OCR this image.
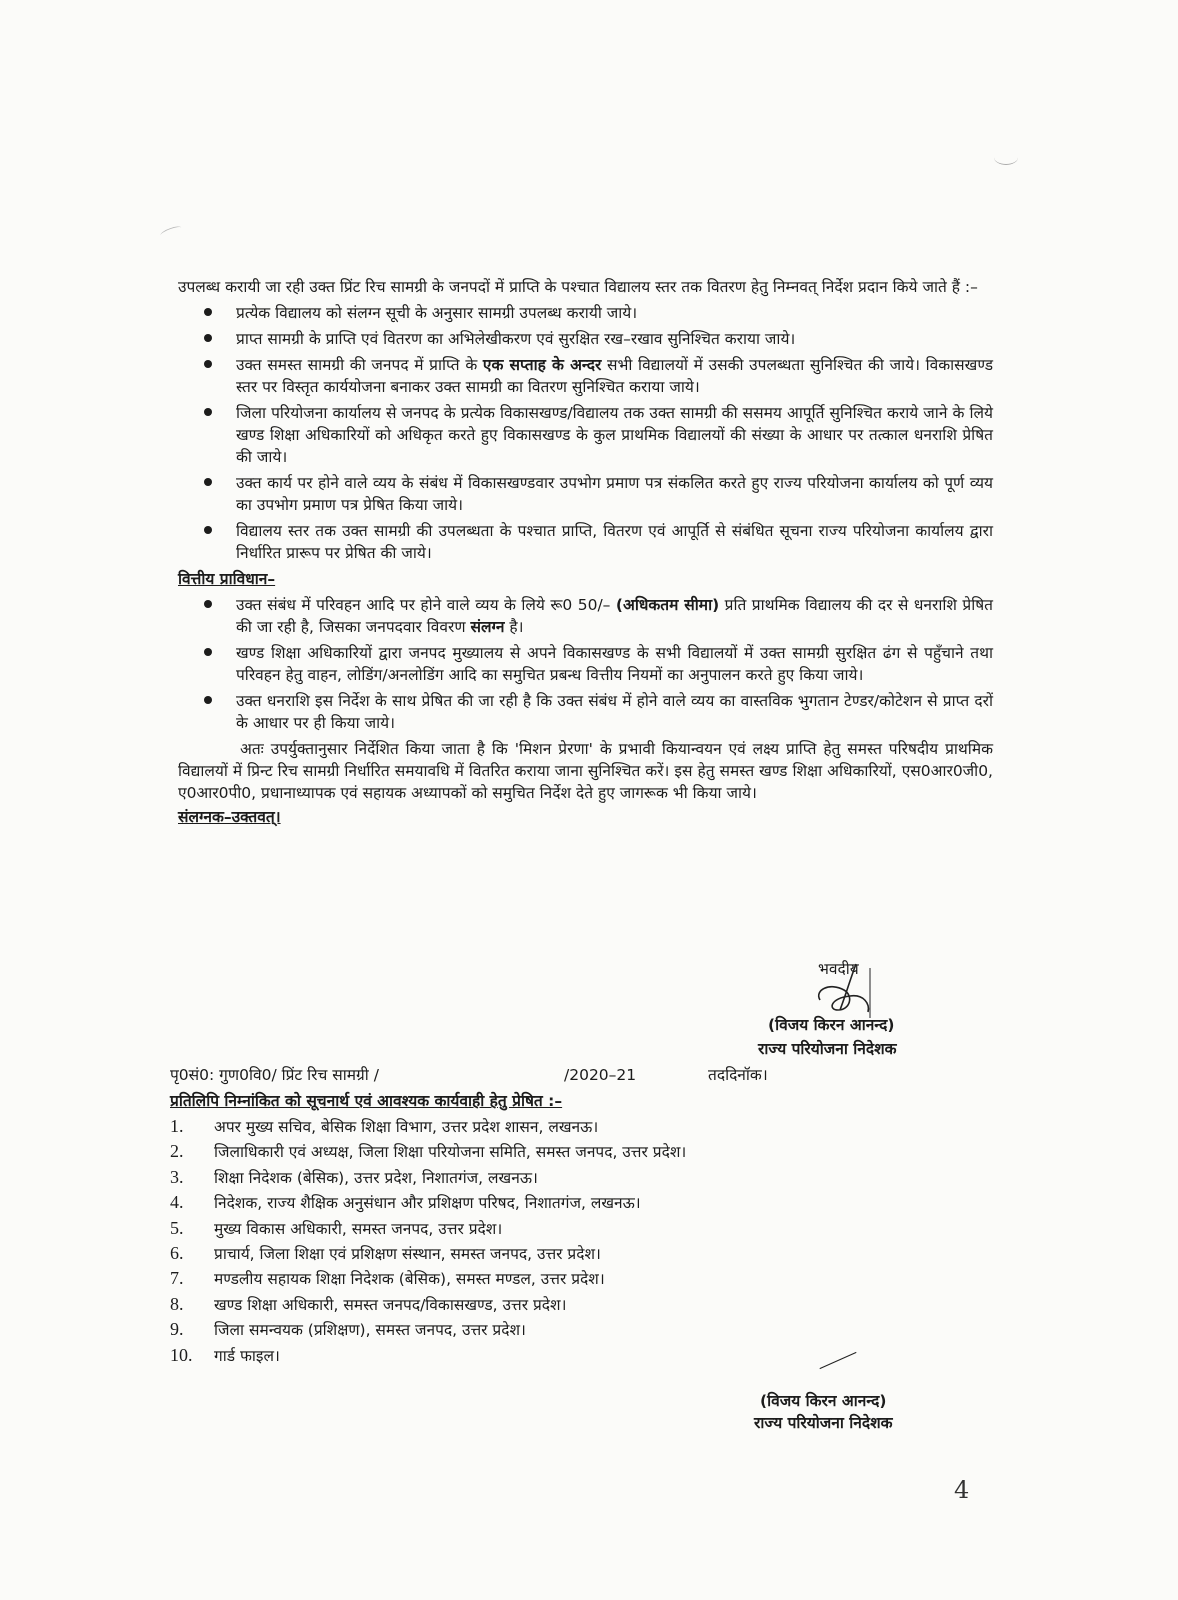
उपलब्ध करायी जा रही उक्त प्रिंट रिच सामग्री के जनपदों में प्राप्ति के पश्चात विद्यालय स्तर तक वितरण हेतु निम्नवत् निर्देश प्रदान किये जाते हैं :–

प्रत्येक विद्यालय को संलग्न सूची के अनुसार सामग्री उपलब्ध करायी जाये।
प्राप्त सामग्री के प्राप्ति एवं वितरण का अभिलेखीकरण एवं सुरक्षित रख–रखाव सुनिश्चित कराया जाये।
उक्त समस्त सामग्री की जनपद में प्राप्ति के एक सप्ताह के अन्दर सभी विद्यालयों में उसकी उपलब्धता सुनिश्चित की जाये। विकासखण्ड स्तर पर विस्तृत कार्ययोजना बनाकर उक्त सामग्री का वितरण सुनिश्चित कराया जाये।
जिला परियोजना कार्यालय से जनपद के प्रत्येक विकासखण्ड/विद्यालय तक उक्त सामग्री की ससमय आपूर्ति सुनिश्चित कराये जाने के लिये खण्ड शिक्षा अधिकारियों को अधिकृत करते हुए विकासखण्ड के कुल प्राथमिक विद्यालयों की संख्या के आधार पर तत्काल धनराशि प्रेषित की जाये।
उक्त कार्य पर होने वाले व्यय के संबंध में विकासखण्डवार उपभोग प्रमाण पत्र संकलित करते हुए राज्य परियोजना कार्यालय को पूर्ण व्यय का उपभोग प्रमाण पत्र प्रेषित किया जाये।
विद्यालय स्तर तक उक्त सामग्री की उपलब्धता के पश्चात प्राप्ति, वितरण एवं आपूर्ति से संबंधित सूचना राज्य परियोजना कार्यालय द्वारा निर्धारित प्रारूप पर प्रेषित की जाये।
वित्तीय प्राविधान–
उक्त संबंध में परिवहन आदि पर होने वाले व्यय के लिये रू0 50/– (अधिकतम सीमा) प्रति प्राथमिक विद्यालय की दर से धनराशि प्रेषित की जा रही है, जिसका जनपदवार विवरण संलग्न है।
खण्ड शिक्षा अधिकारियों द्वारा जनपद मुख्यालय से अपने विकासखण्ड के सभी विद्यालयों में उक्त सामग्री सुरक्षित ढंग से पहुँचाने तथा परिवहन हेतु वाहन, लोडिंग/अनलोडिंग आदि का समुचित प्रबन्ध वित्तीय नियमों का अनुपालन करते हुए किया जाये।
उक्त धनराशि इस निर्देश के साथ प्रेषित की जा रही है कि उक्त संबंध में होने वाले व्यय का वास्तविक भुगतान टेण्डर/कोटेशन से प्राप्त दरों के आधार पर ही किया जाये।

अतः उपर्युक्तानुसार निर्देशित किया जाता है कि 'मिशन प्रेरणा' के प्रभावी कियान्वयन एवं लक्ष्य प्राप्ति हेतु समस्त परिषदीय प्राथमिक विद्यालयों में प्रिन्ट रिच सामग्री निर्धारित समयावधि में वितरित कराया जाना सुनिश्चित करें। इस हेतु समस्त खण्ड शिक्षा अधिकारियों, एस0आर0जी0, ए0आर0पी0, प्रधानाध्यापक एवं सहायक अध्यापकों को समुचित निर्देश देते हुए जागरूक भी किया जाये।

संलग्नक–उक्तवत्।
भवदीय
(विजय किरन आनन्द)
राज्य परियोजना निदेशक
पृ0सं0: गुण0वि0/ प्रिंट रिच सामग्री /	/2020–21	तददिनॉक।
प्रतिलिपि निम्नांकित को सूचनार्थ एवं आवश्यक कार्यवाही हेतु प्रेषित :–
1. अपर मुख्य सचिव, बेसिक शिक्षा विभाग, उत्तर प्रदेश शासन, लखनऊ।
2. जिलाधिकारी एवं अध्यक्ष, जिला शिक्षा परियोजना समिति, समस्त जनपद, उत्तर प्रदेश।
3. शिक्षा निदेशक (बेसिक), उत्तर प्रदेश, निशातगंज, लखनऊ।
4. निदेशक, राज्य शैक्षिक अनुसंधान और प्रशिक्षण परिषद, निशातगंज, लखनऊ।
5. मुख्य विकास अधिकारी, समस्त जनपद, उत्तर प्रदेश।
6. प्राचार्य, जिला शिक्षा एवं प्रशिक्षण संस्थान, समस्त जनपद, उत्तर प्रदेश।
7. मण्डलीय सहायक शिक्षा निदेशक (बेसिक), समस्त मण्डल, उत्तर प्रदेश।
8. खण्ड शिक्षा अधिकारी, समस्त जनपद/विकासखण्ड, उत्तर प्रदेश।
9. जिला समन्वयक (प्रशिक्षण), समस्त जनपद, उत्तर प्रदेश।
10. गार्ड फाइल।
(विजय किरन आनन्द)
राज्य परियोजना निदेशक
4
